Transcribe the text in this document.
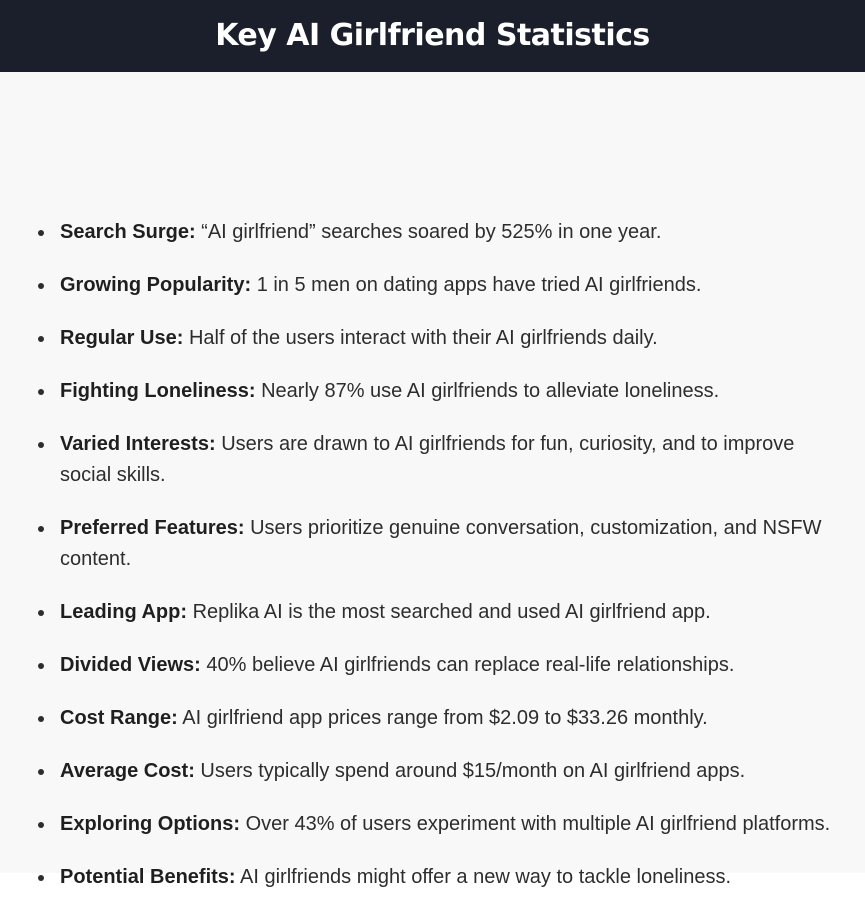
Key AI Girlfriend Statistics
Search Surge: “AI girlfriend” searches soared by 525% in one year.
Growing Popularity: 1 in 5 men on dating apps have tried AI girlfriends.
Regular Use: Half of the users interact with their AI girlfriends daily.
Fighting Loneliness: Nearly 87% use AI girlfriends to alleviate loneliness.
Varied Interests: Users are drawn to AI girlfriends for fun, curiosity, and to improve social skills.
Preferred Features: Users prioritize genuine conversation, customization, and NSFW content.
Leading App: Replika AI is the most searched and used AI girlfriend app.
Divided Views: 40% believe AI girlfriends can replace real-life relationships.
Cost Range: AI girlfriend app prices range from $2.09 to $33.26 monthly.
Average Cost: Users typically spend around $15/month on AI girlfriend apps.
Exploring Options: Over 43% of users experiment with multiple AI girlfriend platforms.
Potential Benefits: AI girlfriends might offer a new way to tackle loneliness.
